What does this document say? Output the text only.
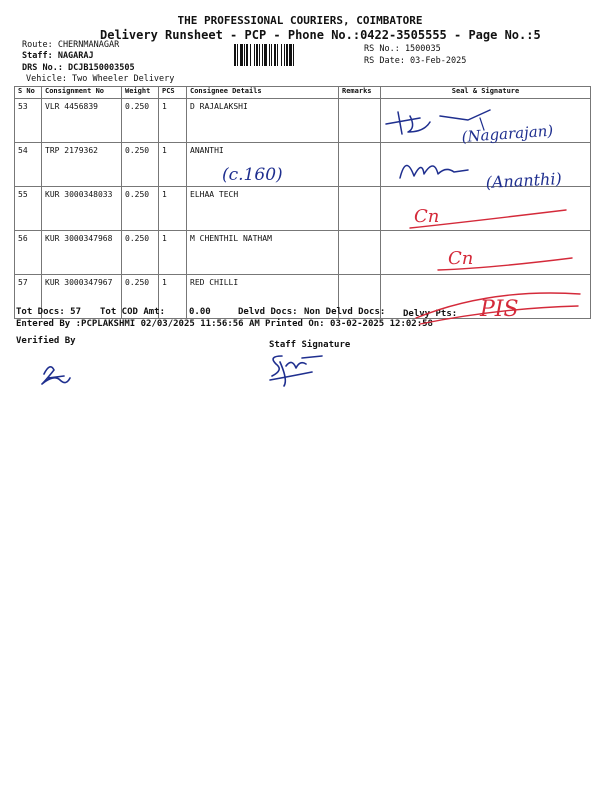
THE PROFESSIONAL COURIERS, COIMBATORE
Delivery Runsheet - PCP - Phone No.:0422-3505555 - Page No.:5
Route: CHERNMANAGAR
Staff: NAGARAJ
DRS No.: DCJB150003505
Vehicle: Two Wheeler Delivery
RS No.: 1500035
RS Date: 03-Feb-2025
S No	Consignment No	Weight	PCS	Consignee Details	Remarks	Seal & Signature
53	VLR 4456839	0.250	1	D RAJALAKSHI		
54	TRP 2179362	0.250	1	ANANTHI		
55	KUR 3000348033	0.250	1	ELHAA TECH		
56	KUR 3000347968	0.250	1	M CHENTHIL NATHAM		
57	KUR 3000347967	0.250	1	RED CHILLI		
Tot Docs: 57 Tot COD Amt:	0.00	Delvd Docs: Non Delvd Docs: Delvy Pts:
Entered By :PCPLAKSHMI 02/03/2025 11:56:56 AM Printed On: 03-02-2025 12:02:58
Verified By	Staff Signature
(Nagarajan)
(c.160)	(Ananthi)
Cn
Cn
PIS
